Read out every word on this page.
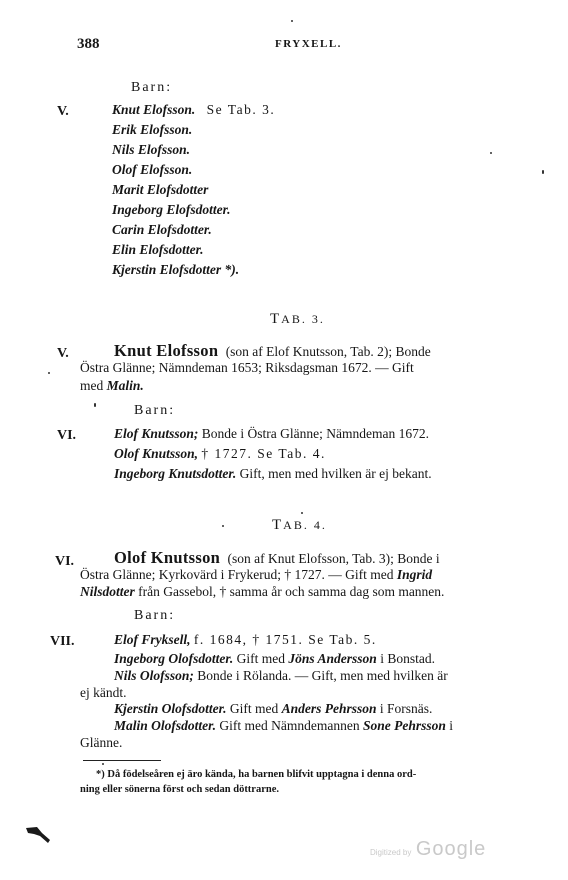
388	FRYXELL.
Barn:
V.	Knut Elofsson. Se Tab. 3.
Erik Elofsson.
Nils Elofsson.
Olof Elofsson.
Marit Elofsdotter
Ingeborg Elofsdotter.
Carin Elofsdotter.
Elin Elofsdotter.
Kjerstin Elofsdotter *).
TAB. 3.
V.	Knut Elofsson (son af Elof Knutsson, Tab. 2); Bonde
Östra Glänne; Nämndeman 1653; Riksdagsman 1672. — Gift
med Malin.
Barn:
VI.	Elof Knutsson; Bonde i Östra Glänne; Nämndeman 1672.
Olof Knutsson, † 1727. Se Tab. 4.
Ingeborg Knutsdotter. Gift, men med hvilken är ej bekant.
TAB. 4.
VI. Olof Knutsson (son af Knut Elofsson, Tab. 3); Bonde i
Östra Glänne; Kyrkovärd i Frykerud; † 1727. — Gift med Ingrid
Nilsdotter från Gassebol, † samma år och samma dag som mannen.
Barn:
VII.	Elof Fryksell, f. 1684, † 1751. Se Tab. 5.
Ingeborg Olofsdotter. Gift med Jöns Andersson i Bonstad.
Nils Olofsson; Bonde i Rölanda. — Gift, men med hvilken är
ej kändt.
Kjerstin Olofsdotter. Gift med Anders Pehrsson i Forsnäs.
Malin Olofsdotter. Gift med Nämndemannen Sone Pehrsson i
Glänne.
*) Då födelseåren ej äro kända, ha barnen blifvit upptagna i denna ord-
ning eller sönerna först och sedan döttrarne.
Digitized by Google
